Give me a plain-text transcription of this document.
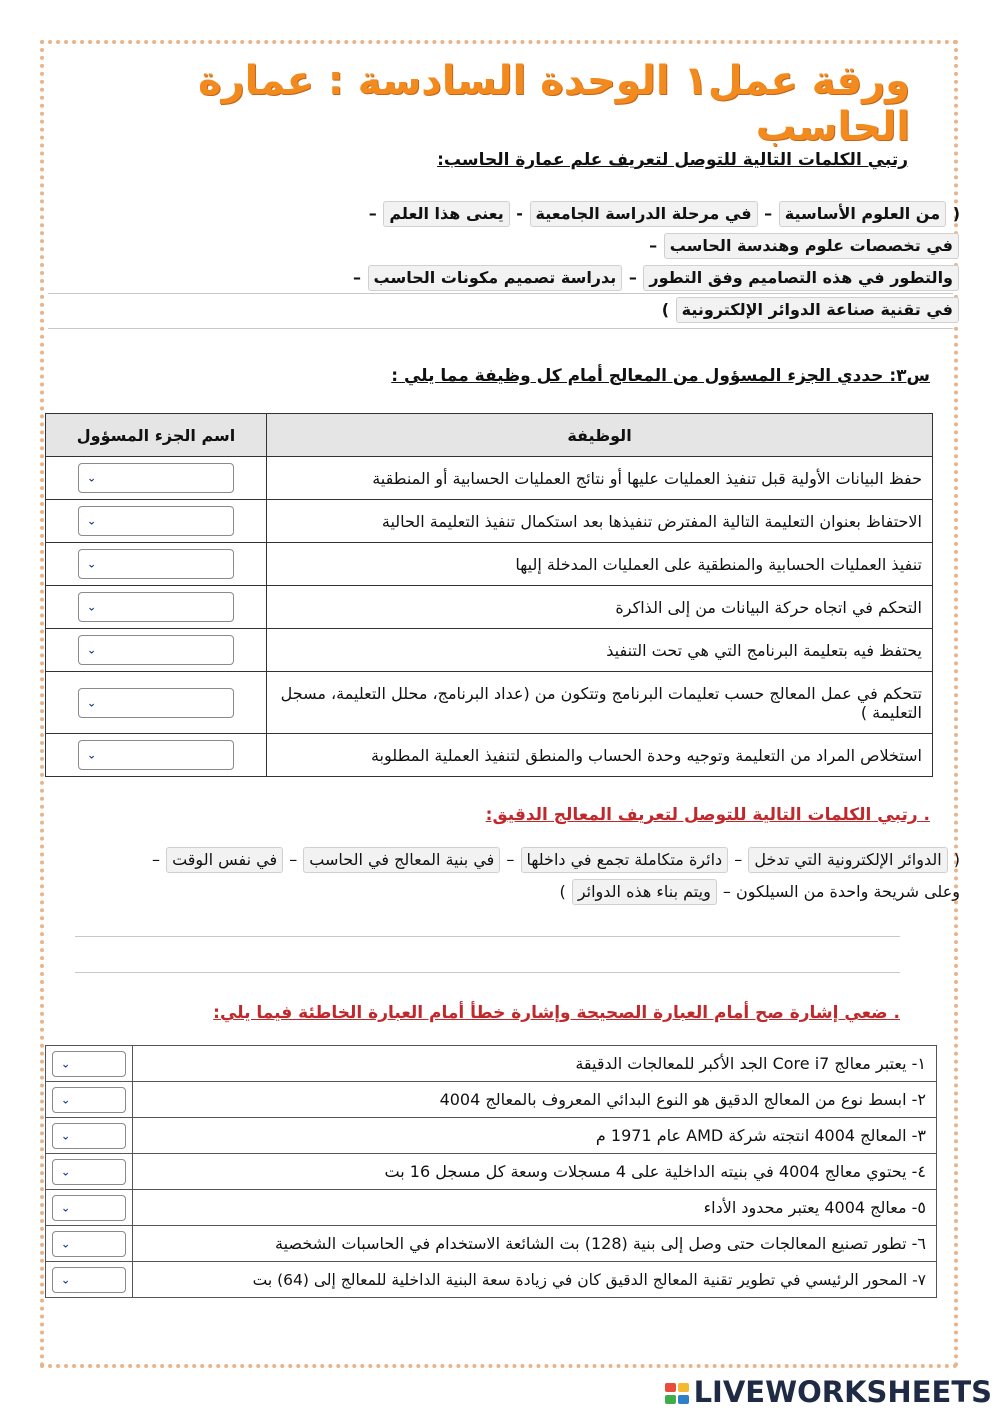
ورقة عمل١ الوحدة السادسة : عمارة الحاسب
رتبي الكلمات التالية للتوصل لتعريف علم عمارة الحاسب:
( من العلوم الأساسية – في مرحلة الدراسة الجامعية - يعنى هذا العلم – في تخصصات علوم وهندسة الحاسب –
والتطور في هذه التصاميم وفق التطور – بدراسة تصميم مكونات الحاسب – في تقنية صناعة الدوائر الإلكترونية )
س٣: حددي الجزء المسؤول من المعالج أمام كل وظيفة مما يلي :
الوظيفة	اسم الجزء المسؤول
حفظ البيانات الأولية قبل تنفيذ العمليات عليها أو نتائج العمليات الحسابية أو المنطقية	⌄

الاحتفاظ بعنوان التعليمة التالية المفترض تنفيذها بعد استكمال تنفيذ التعليمة الحالية	⌄

تنفيذ العمليات الحسابية والمنطقية على العمليات المدخلة إليها	⌄

التحكم في اتجاه حركة البيانات من إلى الذاكرة	⌄

يحتفظ فيه بتعليمة البرنامج التي هي تحت التنفيذ	⌄

تتحكم في عمل المعالج حسب تعليمات البرنامج وتتكون من (عداد البرنامج، محلل التعليمة، مسجل التعليمة )	⌄

استخلاص المراد من التعليمة وتوجيه وحدة الحساب والمنطق لتنفيذ العملية المطلوبة	⌄
. رتبي الكلمات التالية للتوصل لتعريف المعالج الدقيق:
( الدوائر الإلكترونية التي تدخل – دائرة متكاملة تجمع في داخلها – في بنية المعالج في الحاسب – في نفس الوقت –
وعلى شريحة واحدة من السيلكون – ويتم بناء هذه الدوائر )
. ضعي إشارة صح أمام العبارة الصحيحة وإشارة خطأ أمام العبارة الخاطئة فيما يلي:
١- يعتبر معالج Core i7 الجد الأكبر للمعالجات الدقيقة	⌄

٢- ابسط نوع من المعالج الدقيق هو النوع البدائي المعروف بالمعالج 4004	⌄

٣- المعالج 4004 انتجته شركة AMD عام 1971 م	⌄

٤- يحتوي معالج 4004 في بنيته الداخلية على 4 مسجلات وسعة كل مسجل 16 بت	⌄

٥- معالج 4004 يعتبر محدود الأداء	⌄

٦- تطور تصنيع المعالجات حتى وصل إلى بنية (128) بت الشائعة الاستخدام في الحاسبات الشخصية	⌄

٧- المحور الرئيسي في تطوير تقنية المعالج الدقيق كان في زيادة سعة البنية الداخلية للمعالج إلى (64) بت	⌄
LIVEWORKSHEETS
